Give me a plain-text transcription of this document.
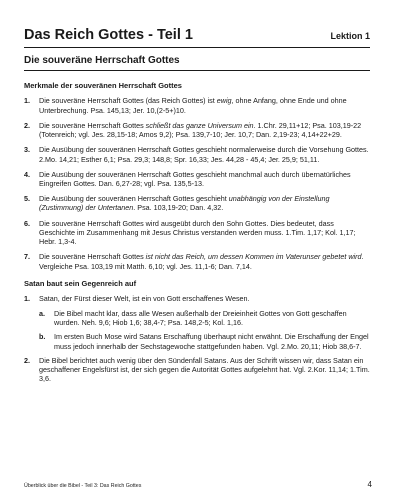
Das Reich Gottes - Teil 1	Lektion 1
Die souveräne Herrschaft Gottes
Merkmale der souveränen Herrschaft Gottes
1.	Die souveräne Herrschaft Gottes (das Reich Gottes) ist ewig, ohne Anfang, ohne Ende und ohne Unterbrechung. Psa. 145,13; Jer. 10,(2-5+)10.
2.	Die souveräne Herrschaft Gottes schließt das ganze Universum ein. 1.Chr. 29,11+12; Psa. 103,19-22 (Totenreich; vgl. Jes. 28,15-18; Amos 9,2); Psa. 139,7-10; Jer. 10,7; Dan. 2,19-23; 4,14+22+29.
3.	Die Ausübung der souveränen Herrschaft Gottes geschieht normalerweise durch die Vorsehung Gottes. 2.Mo. 14,21; Esther 6,1; Psa. 29,3; 148,8; Spr. 16,33; Jes. 44,28 - 45,4; Jer. 25,9; 51,11.
4.	Die Ausübung der souveränen Herrschaft Gottes geschieht manchmal auch durch übernatürliches Eingreifen Gottes. Dan. 6,27-28; vgl. Psa. 135,5-13.
5.	Die Ausübung der souveränen Herrschaft Gottes geschieht unabhängig von der Einstellung (Zustimmung) der Untertanen. Psa. 103,19-20; Dan. 4,32.
6.	Die souveräne Herrschaft Gottes wird ausgeübt durch den Sohn Gottes. Dies bedeutet, dass Geschichte im Zusammenhang mit Jesus Christus verstanden werden muss. 1.Tim. 1,17; Kol. 1,17; Hebr. 1,3-4.
7.	Die souveräne Herrschaft Gottes ist nicht das Reich, um dessen Kommen im Vaterunser gebetet wird. Vergleiche Psa. 103,19 mit Matth. 6,10; vgl. Jes. 11,1-6; Dan. 7,14.
Satan baut sein Gegenreich auf
1.	Satan, der Fürst dieser Welt, ist ein von Gott erschaffenes Wesen.
a.	Die Bibel macht klar, dass alle Wesen außerhalb der Dreieinheit Gottes von Gott geschaffen wurden. Neh. 9,6; Hiob 1,6; 38,4-7; Psa. 148,2-5; Kol. 1,16.
b.	Im ersten Buch Mose wird Satans Erschaffung überhaupt nicht erwähnt. Die Erschaffung der Engel muss jedoch innerhalb der Sechstagewoche stattgefunden haben. Vgl. 2.Mo. 20,11; Hiob 38,6-7.
2.	Die Bibel berichtet auch wenig über den Sündenfall Satans. Aus der Schrift wissen wir, dass Satan ein geschaffener Engelsfürst ist, der sich gegen die Autorität Gottes aufgelehnt hat. Vgl. 2.Kor. 11,14; 1.Tim. 3,6.
Überblick über die Bibel - Teil 3: Das Reich Gottes	4
